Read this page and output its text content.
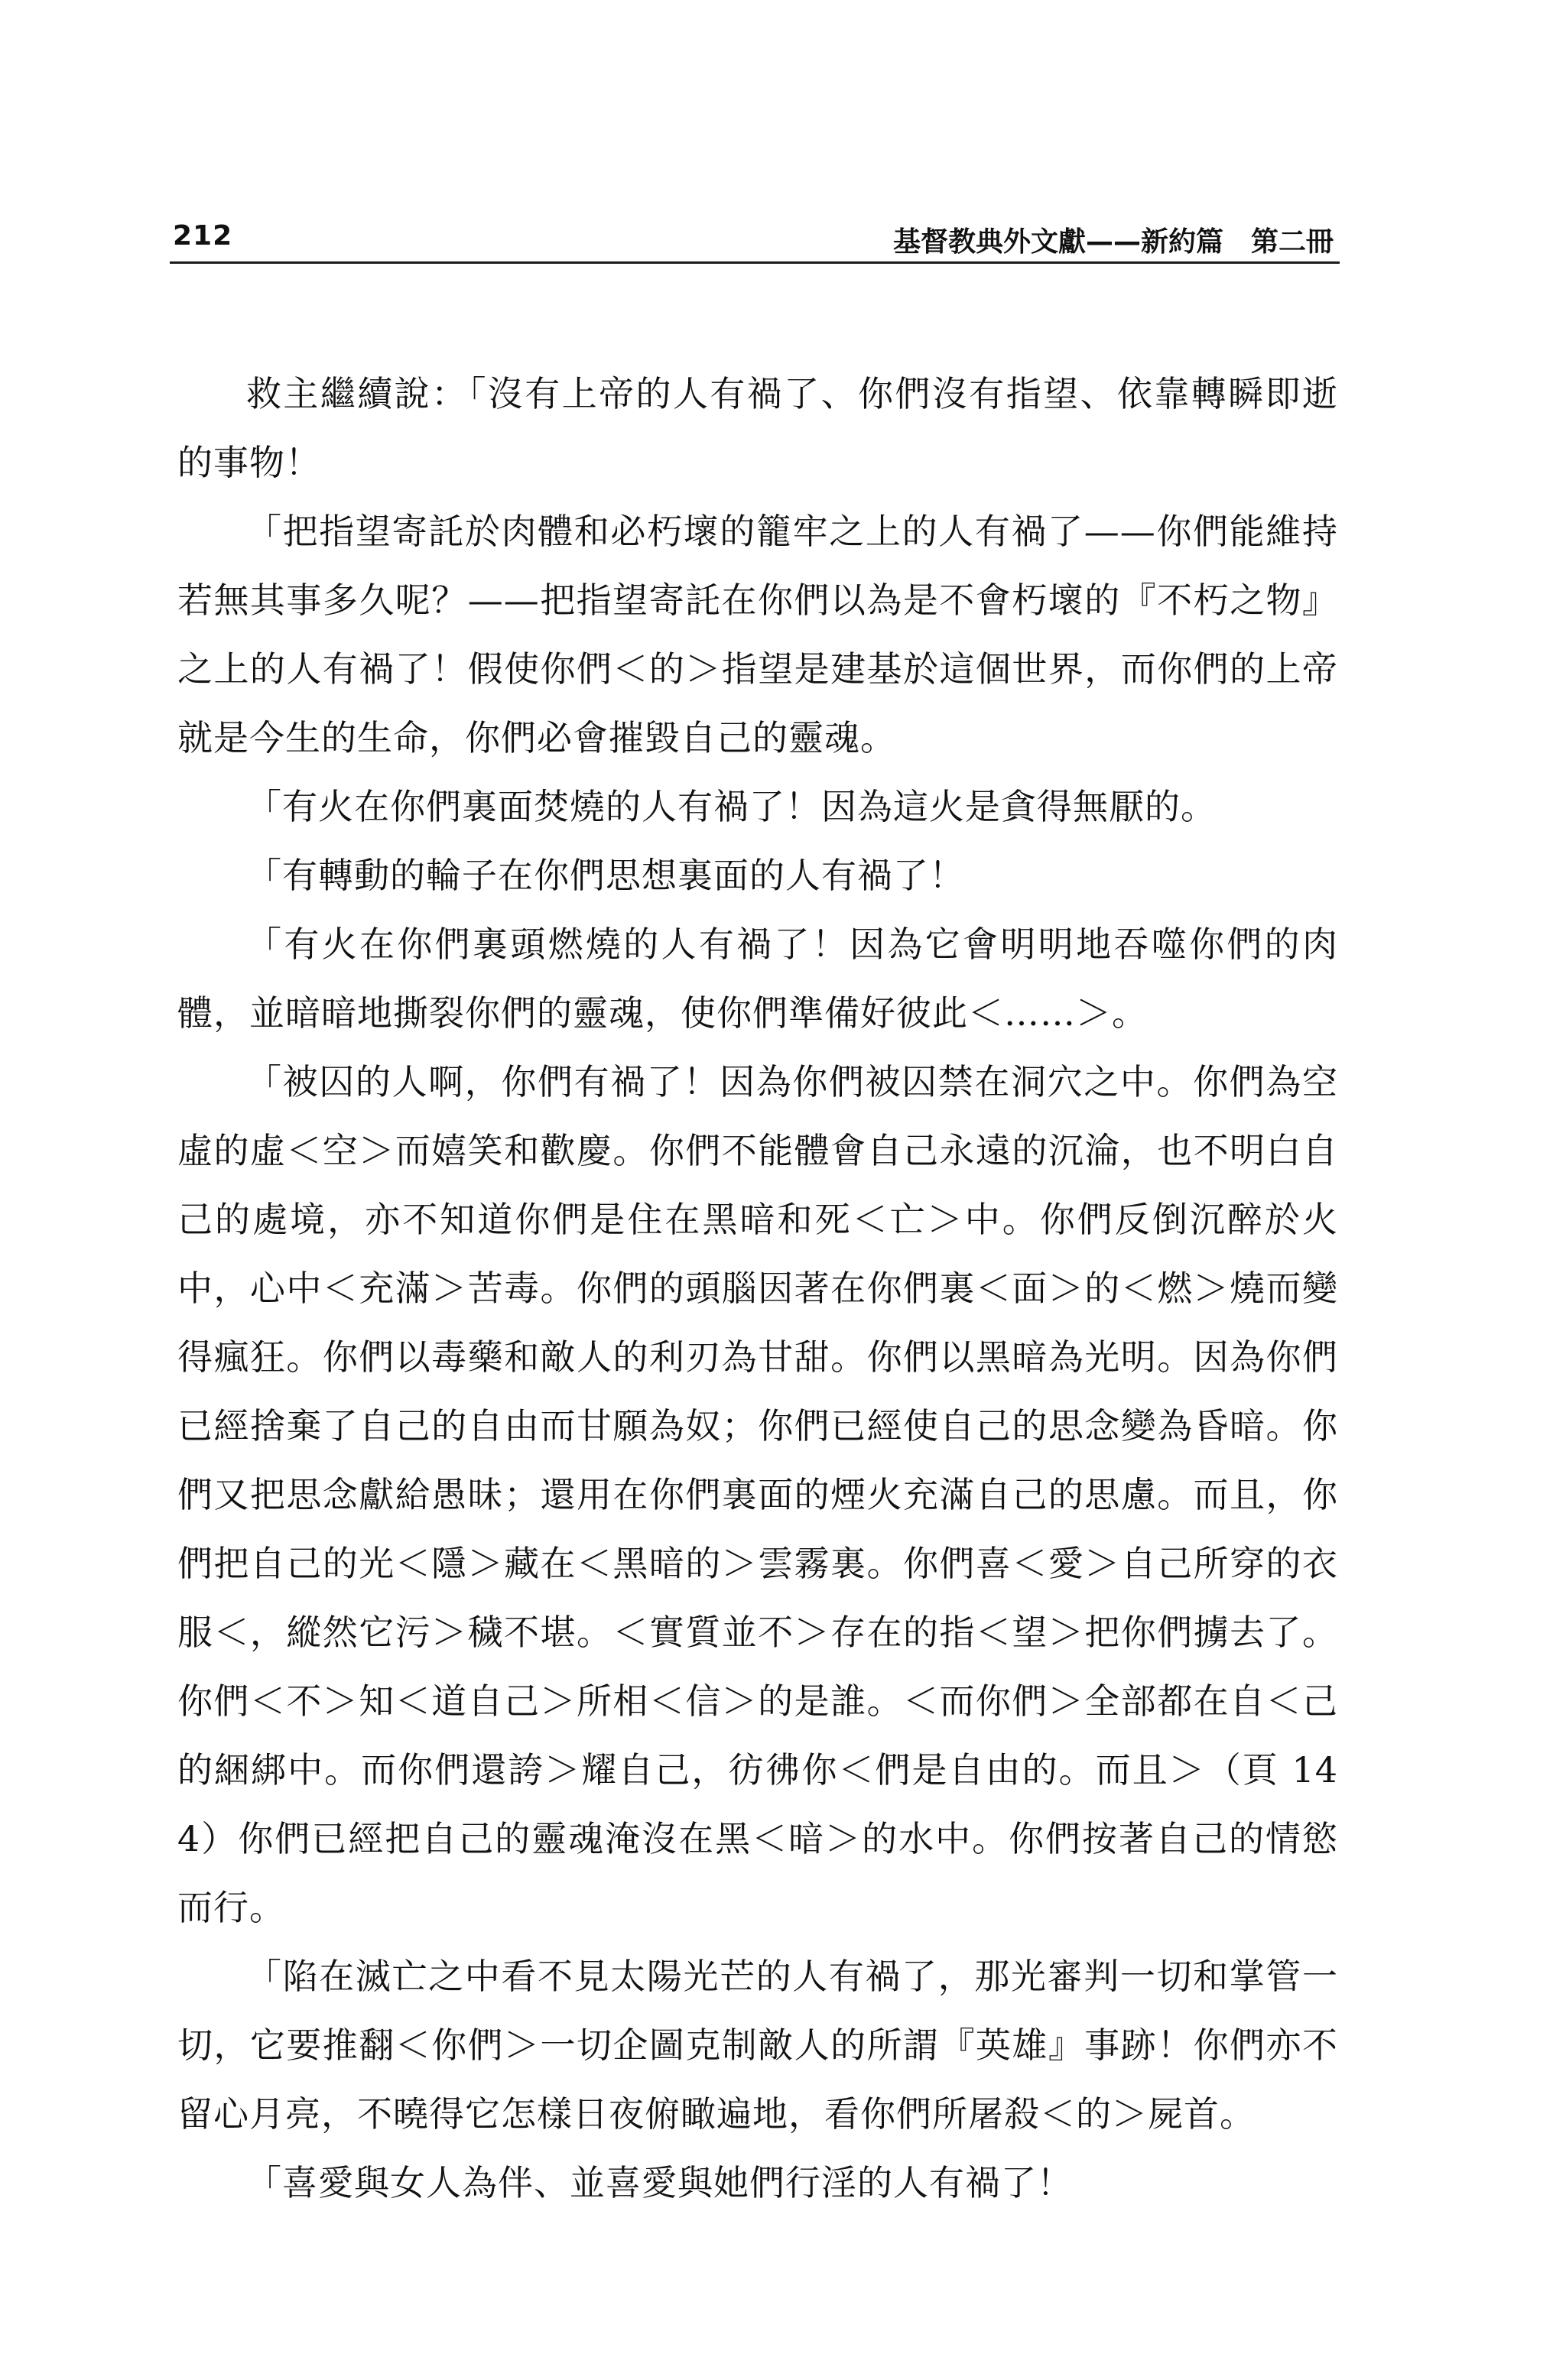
212	基督教典外文獻——新約篇　第二冊

救主繼續說：「沒有上帝的人有禍了、你們沒有指望、依靠轉瞬即逝的事物！

「把指望寄託於肉體和必朽壞的籠牢之上的人有禍了——你們能維持若無其事多久呢？——把指望寄託在你們以為是不會朽壞的『不朽之物』之上的人有禍了！假使你們＜的＞指望是建基於這個世界，而你們的上帝就是今生的生命，你們必會摧毀自己的靈魂。

「有火在你們裏面焚燒的人有禍了！因為這火是貪得無厭的。

「有轉動的輪子在你們思想裏面的人有禍了！

「有火在你們裏頭燃燒的人有禍了！因為它會明明地吞噬你們的肉體，並暗暗地撕裂你們的靈魂，使你們準備好彼此＜……＞。

「被囚的人啊，你們有禍了！因為你們被囚禁在洞穴之中。你們為空虛的虛＜空＞而嬉笑和歡慶。你們不能體會自己永遠的沉淪，也不明白自己的處境，亦不知道你們是住在黑暗和死＜亡＞中。你們反倒沉醉於火中，心中＜充滿＞苦毒。你們的頭腦因著在你們裏＜面＞的＜燃＞燒而變得瘋狂。你們以毒藥和敵人的利刃為甘甜。你們以黑暗為光明。因為你們已經捨棄了自己的自由而甘願為奴；你們已經使自己的思念變為昏暗。你們又把思念獻給愚昧；還用在你們裏面的煙火充滿自己的思慮。而且，你們把自己的光＜隱＞藏在＜黑暗的＞雲霧裏。你們喜＜愛＞自己所穿的衣服＜，縱然它污＞穢不堪。＜實質並不＞存在的指＜望＞把你們擄去了。你們＜不＞知＜道自己＞所相＜信＞的是誰。＜而你們＞全部都在自＜己的綑綁中。而你們還誇＞耀自己，彷彿你＜們是自由的。而且＞（頁 144）你們已經把自己的靈魂淹沒在黑＜暗＞的水中。你們按著自己的情慾而行。

「陷在滅亡之中看不見太陽光芒的人有禍了，那光審判一切和掌管一切，它要推翻＜你們＞一切企圖克制敵人的所謂『英雄』事跡！你們亦不留心月亮，不曉得它怎樣日夜俯瞰遍地，看你們所屠殺＜的＞屍首。

「喜愛與女人為伴、並喜愛與她們行淫的人有禍了！
